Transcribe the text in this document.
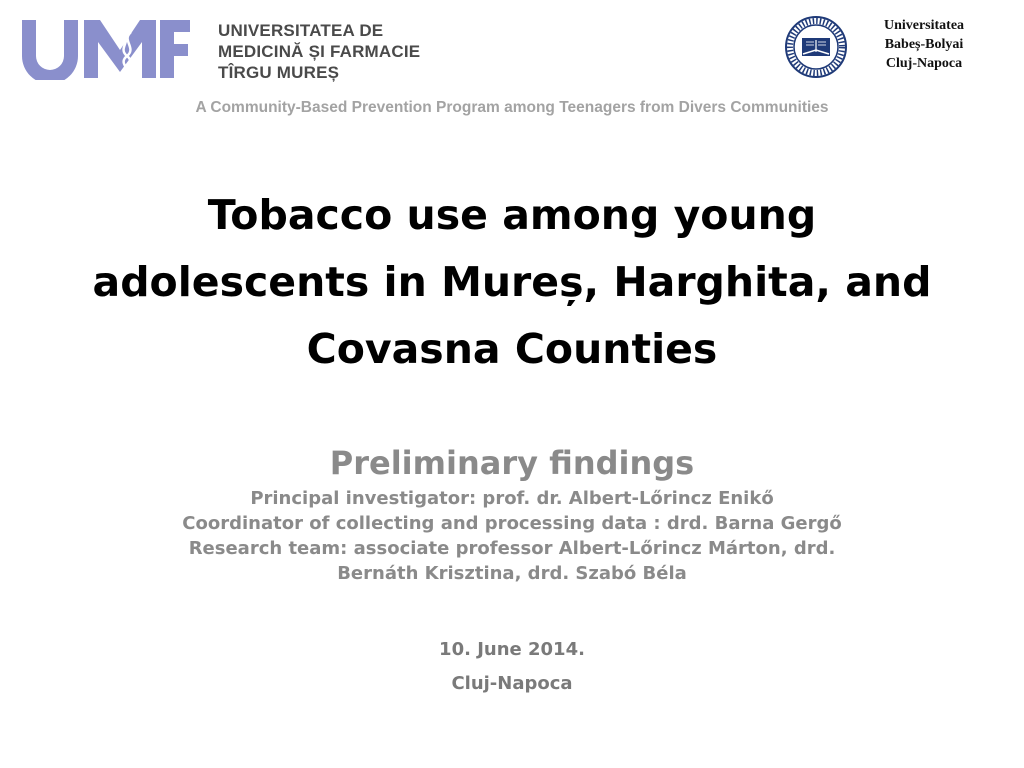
UNIVERSITATEA DE
MEDICINĂ ȘI FARMACIE
TÎRGU MUREȘ
Universitatea
Babeș-Bolyai
Cluj-Napoca
A Community-Based Prevention Program among Teenagers from Divers Communities
Tobacco use among young
adolescents in Mureș, Harghita, and
Covasna Counties
Preliminary findings
Principal investigator: prof. dr. Albert-Lőrincz Enikő
Coordinator of collecting and processing data : drd. Barna Gergő
Research team: associate professor Albert-Lőrincz Márton, drd.
Bernáth Krisztina, drd. Szabó Béla
10. June 2014.
Cluj-Napoca
